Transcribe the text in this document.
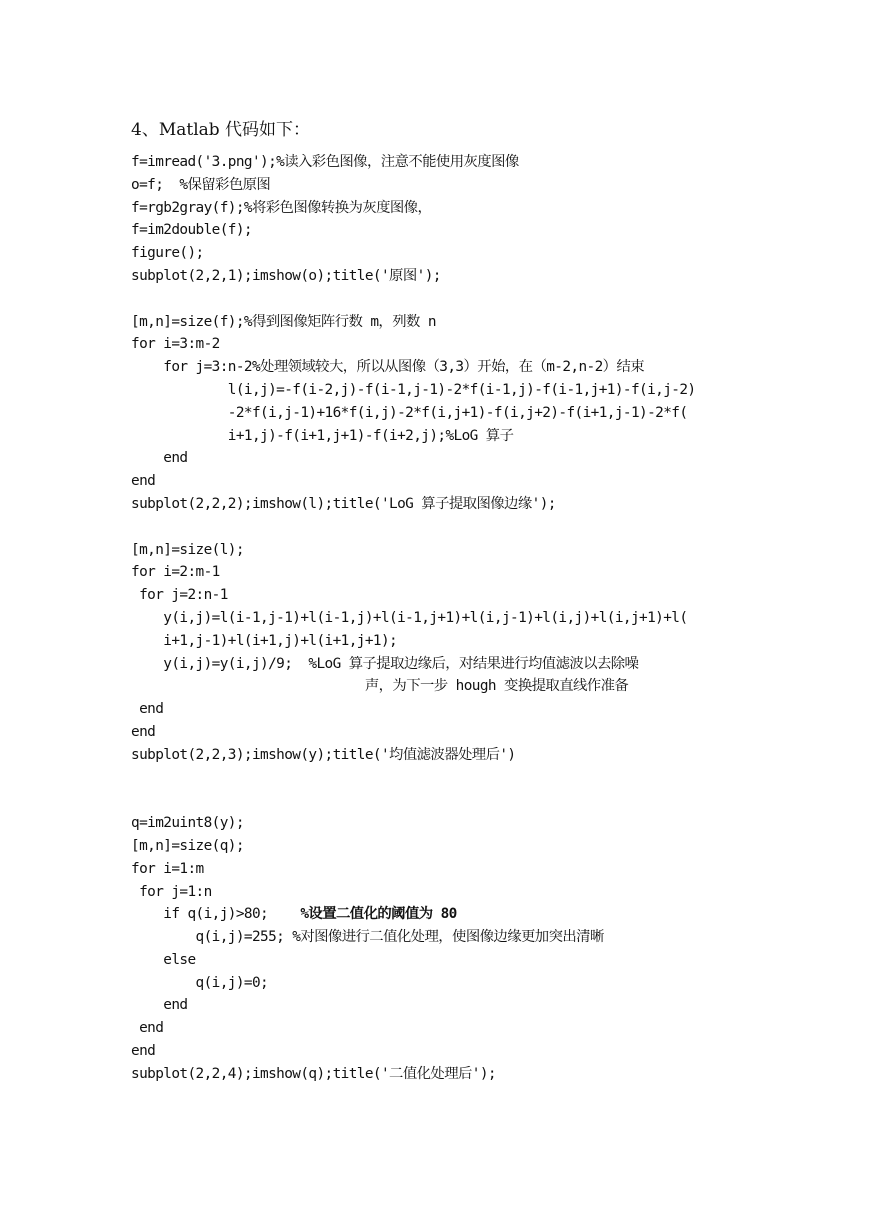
4、Matlab 代码如下：
f=imread('3.png');%读入彩色图像，注意不能使用灰度图像
o=f;  %保留彩色原图
f=rgb2gray(f);%将彩色图像转换为灰度图像，
f=im2double(f);
figure();
subplot(2,2,1);imshow(o);title('原图');
[m,n]=size(f);%得到图像矩阵行数 m，列数 n
for i=3:m-2
for j=3:n-2%处理领域较大，所以从图像（3,3）开始，在（m-2,n-2）结束
l(i,j)=-f(i-2,j)-f(i-1,j-1)-2*f(i-1,j)-f(i-1,j+1)-f(i,j-2)
-2*f(i,j-1)+16*f(i,j)-2*f(i,j+1)-f(i,j+2)-f(i+1,j-1)-2*f(
i+1,j)-f(i+1,j+1)-f(i+2,j);%LoG 算子
end
end
subplot(2,2,2);imshow(l);title('LoG 算子提取图像边缘');
[m,n]=size(l);
for i=2:m-1
for j=2:n-1
y(i,j)=l(i-1,j-1)+l(i-1,j)+l(i-1,j+1)+l(i,j-1)+l(i,j)+l(i,j+1)+l(
i+1,j-1)+l(i+1,j)+l(i+1,j+1);
y(i,j)=y(i,j)/9;  %LoG 算子提取边缘后，对结果进行均值滤波以去除噪
声，为下一步 hough 变换提取直线作准备
end
end
subplot(2,2,3);imshow(y);title('均值滤波器处理后')
q=im2uint8(y);
[m,n]=size(q);
for i=1:m
for j=1:n
if q(i,j)>80; %设置二值化的阈值为 80
q(i,j)=255; %对图像进行二值化处理，使图像边缘更加突出清晰
else
q(i,j)=0;
end
end
end
subplot(2,2,4);imshow(q);title('二值化处理后');
